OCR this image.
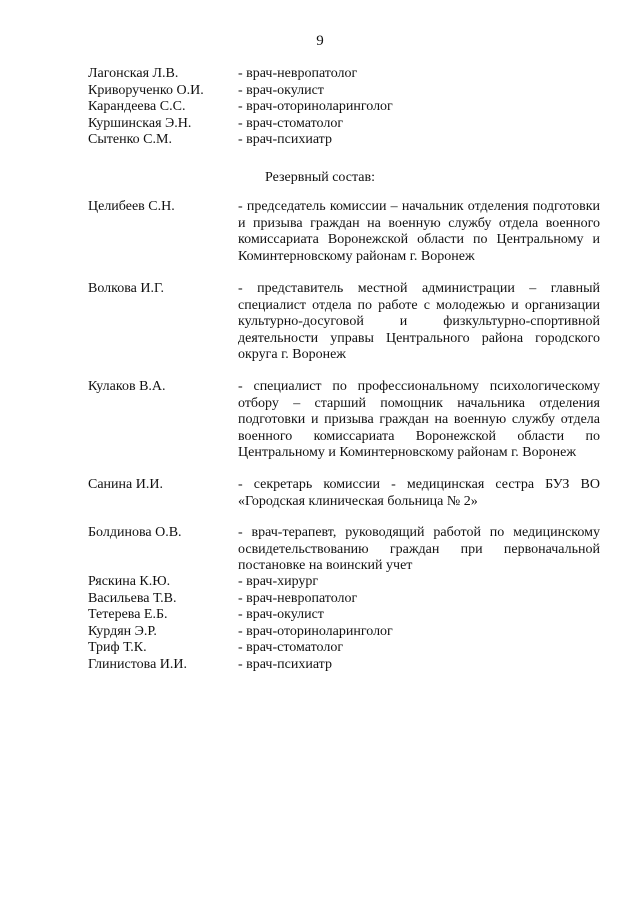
9
Лагонская Л.В.	- врач-невропатолог
Криворученко О.И. - врач-окулист
Карандеева С.С.	- врач-оториноларинголог
Куршинская Э.Н.	- врач-стоматолог
Сытенко С.М.	- врач-психиатр
Резервный состав:
Целибеев С.Н.	- председатель комиссии – начальник отделения подготовки и призыва граждан на военную службу отдела военного комиссариата Воронежской области по Центральному и Коминтерновскому районам г. Воронеж
Волкова И.Г.	- представитель местной администрации – главный специалист отдела по работе с молодежью и организации культурно-досуговой и физкультурно-спортивной деятельности управы Центрального района городского округа г. Воронеж
Кулаков В.А.	- специалист по профессиональному психологическому отбору – старший помощник начальника отделения подготовки и призыва граждан на военную службу отдела военного комиссариата Воронежской области по Центральному и Коминтерновскому районам г. Воронеж
Санина И.И.	- секретарь комиссии - медицинская сестра БУЗ ВО «Городская клиническая больница № 2»
Болдинова О.В.	- врач-терапевт, руководящий работой по медицинскому освидетельствованию граждан при первоначальной постановке на воинский учет
Ряскина К.Ю.	- врач-хирург
Васильева Т.В.	- врач-невропатолог
Тетерева Е.Б.	- врач-окулист
Курдян Э.Р.	- врач-оториноларинголог
Триф Т.К.	- врач-стоматолог
Глинистова И.И.	- врач-психиатр
